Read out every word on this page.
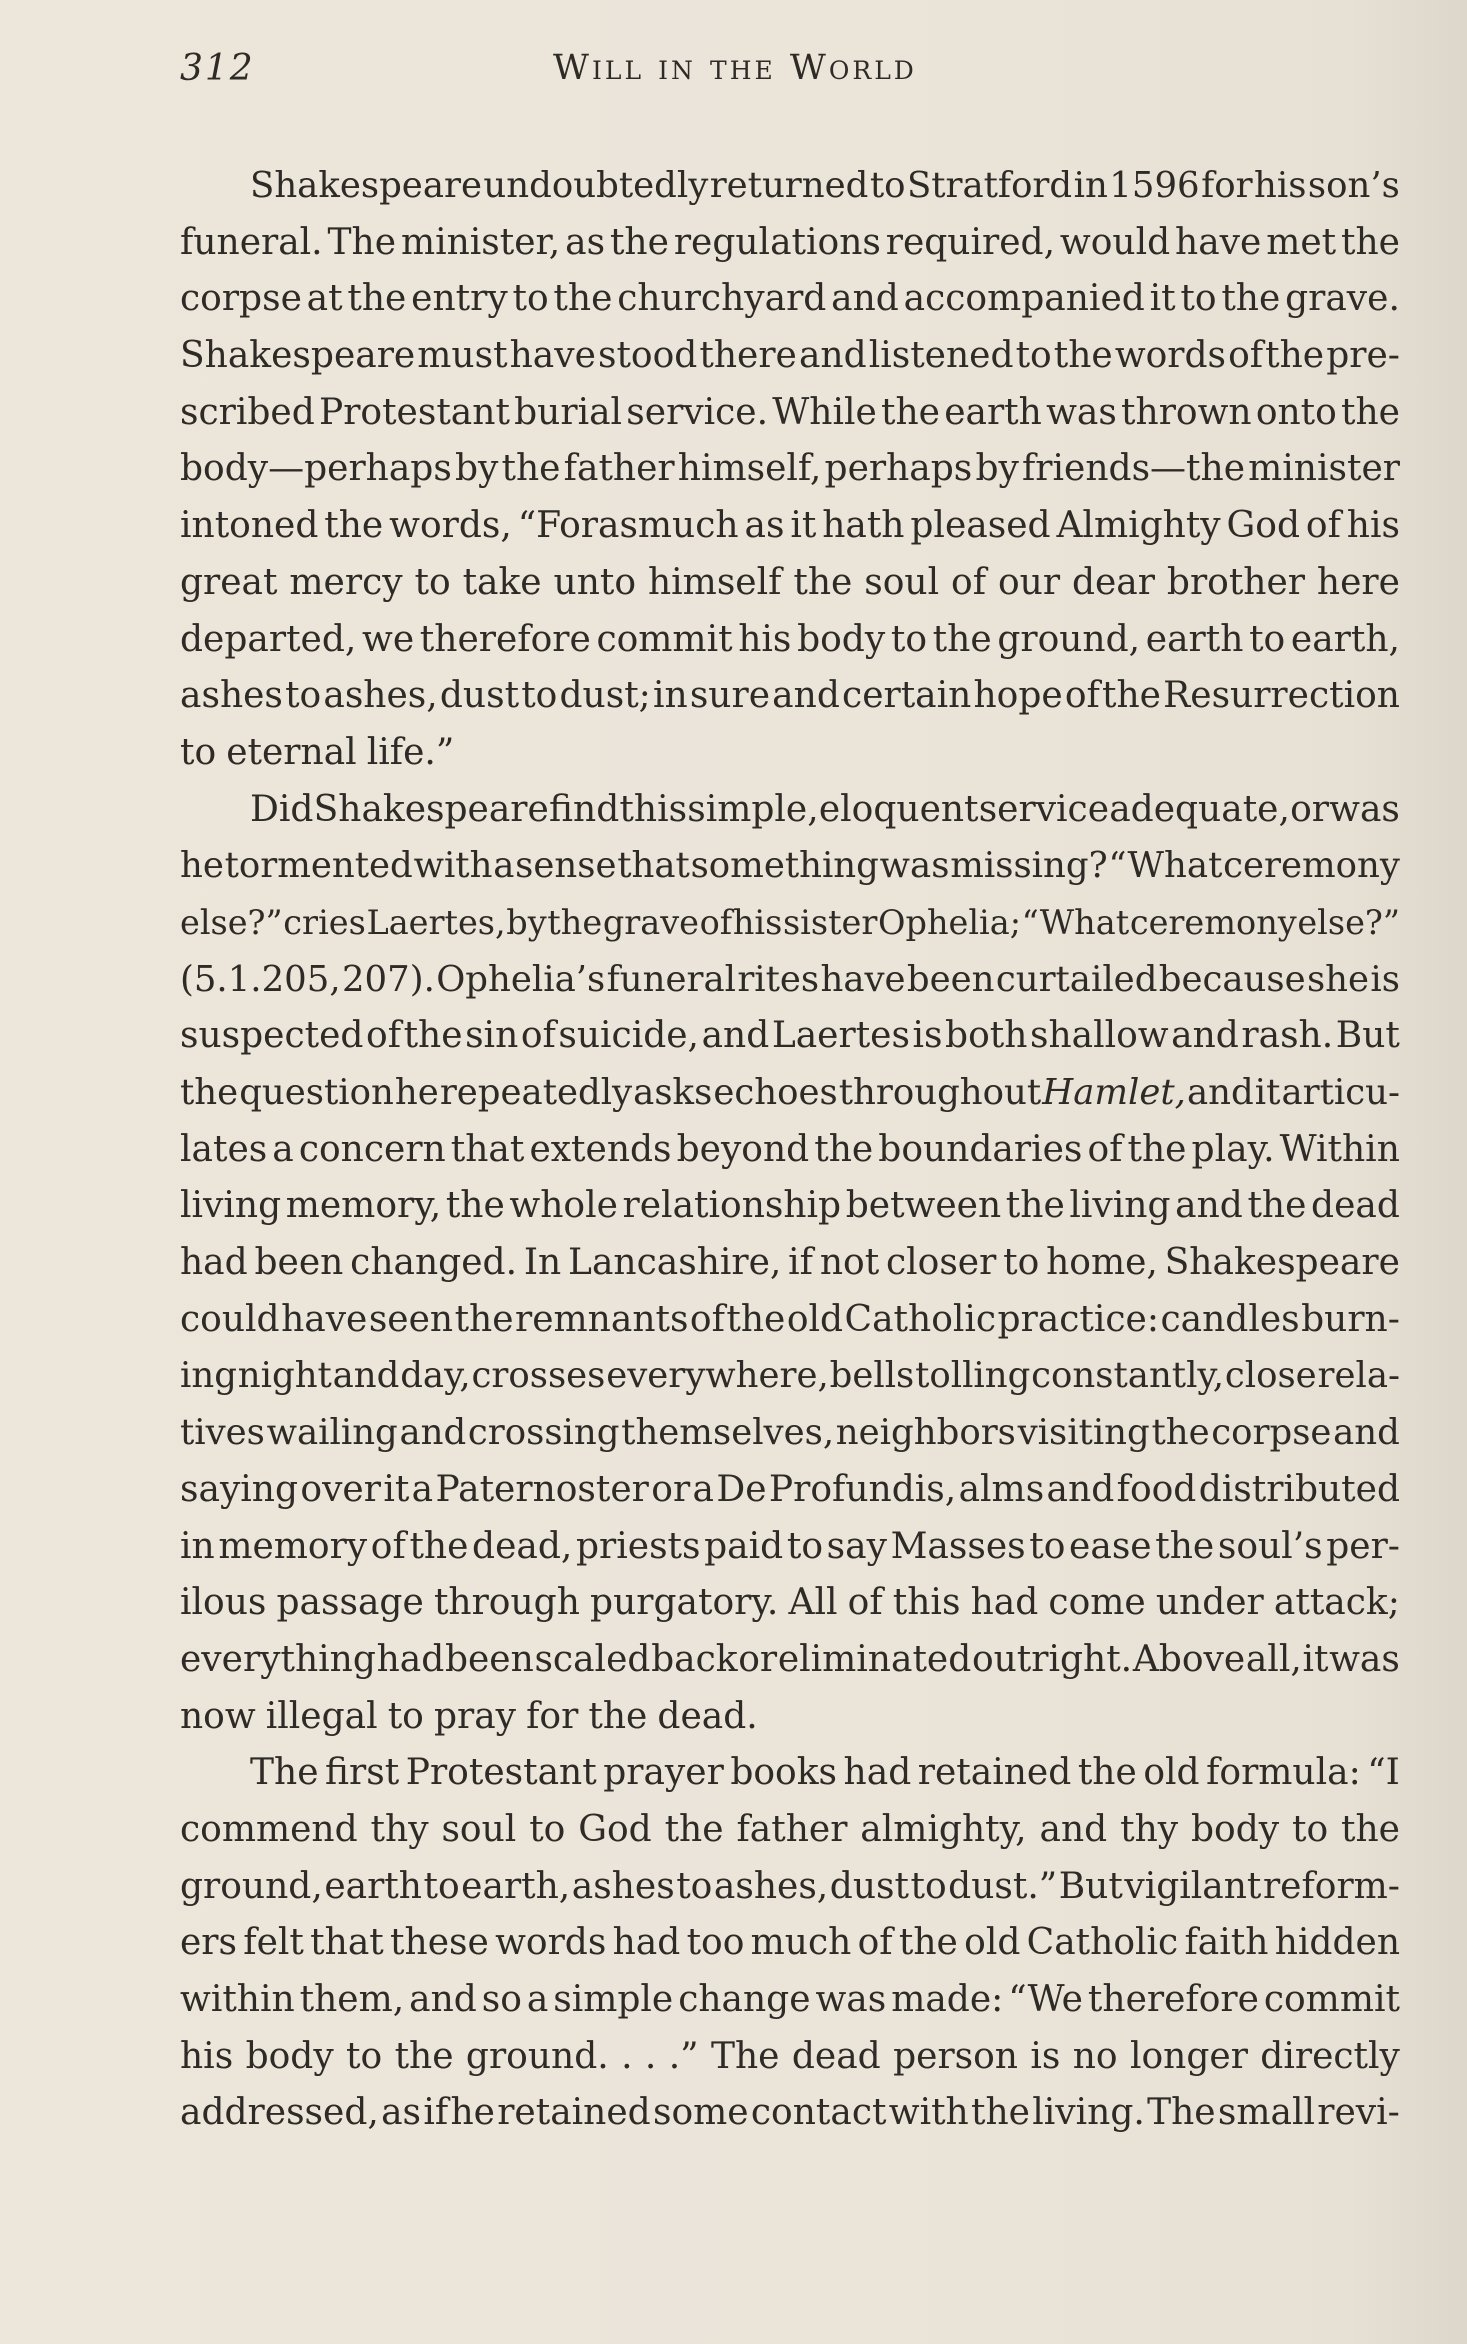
312	Will in the World
Shakespeare undoubtedly returned to Stratford in 1596 for his son’s
funeral. The minister, as the regulations required, would have met the
corpse at the entry to the churchyard and accompanied it to the grave.
Shakespeare must have stood there and listened to the words of the pre-
scribed Protestant burial service. While the earth was thrown onto the
body—perhaps by the father himself, perhaps by friends—the minister
intoned the words, “Forasmuch as it hath pleased Almighty God of his
great mercy to take unto himself the soul of our dear brother here
departed, we therefore commit his body to the ground, earth to earth,
ashes to ashes, dust to dust; in sure and certain hope of the Resurrection
to eternal life.”
Did Shakespeare find this simple, eloquent service adequate, or was
he tormented with a sense that something was missing? “What ceremony
else?” cries Laertes, by the grave of his sister Ophelia; “What ceremony else?”
(5.1.205, 207). Ophelia’s funeral rites have been curtailed because she is
suspected of the sin of suicide, and Laertes is both shallow and rash. But
the question he repeatedly asks echoes throughout Hamlet, and it articu-
lates a concern that extends beyond the boundaries of the play. Within
living memory, the whole relationship between the living and the dead
had been changed. In Lancashire, if not closer to home, Shakespeare
could have seen the remnants of the old Catholic practice: candles burn-
ing night and day, crosses everywhere, bells tolling constantly, close rela-
tives wailing and crossing themselves, neighbors visiting the corpse and
saying over it a Paternoster or a De Profundis, alms and food distributed
in memory of the dead, priests paid to say Masses to ease the soul’s per-
ilous passage through purgatory. All of this had come under attack;
everything had been scaled back or eliminated outright. Above all, it was
now illegal to pray for the dead.
The first Protestant prayer books had retained the old formula: “I
commend thy soul to God the father almighty, and thy body to the
ground, earth to earth, ashes to ashes, dust to dust.” But vigilant reform-
ers felt that these words had too much of the old Catholic faith hidden
within them, and so a simple change was made: “We therefore commit
his body to the ground. . . .” The dead person is no longer directly
addressed, as if he retained some contact with the living. The small revi-
